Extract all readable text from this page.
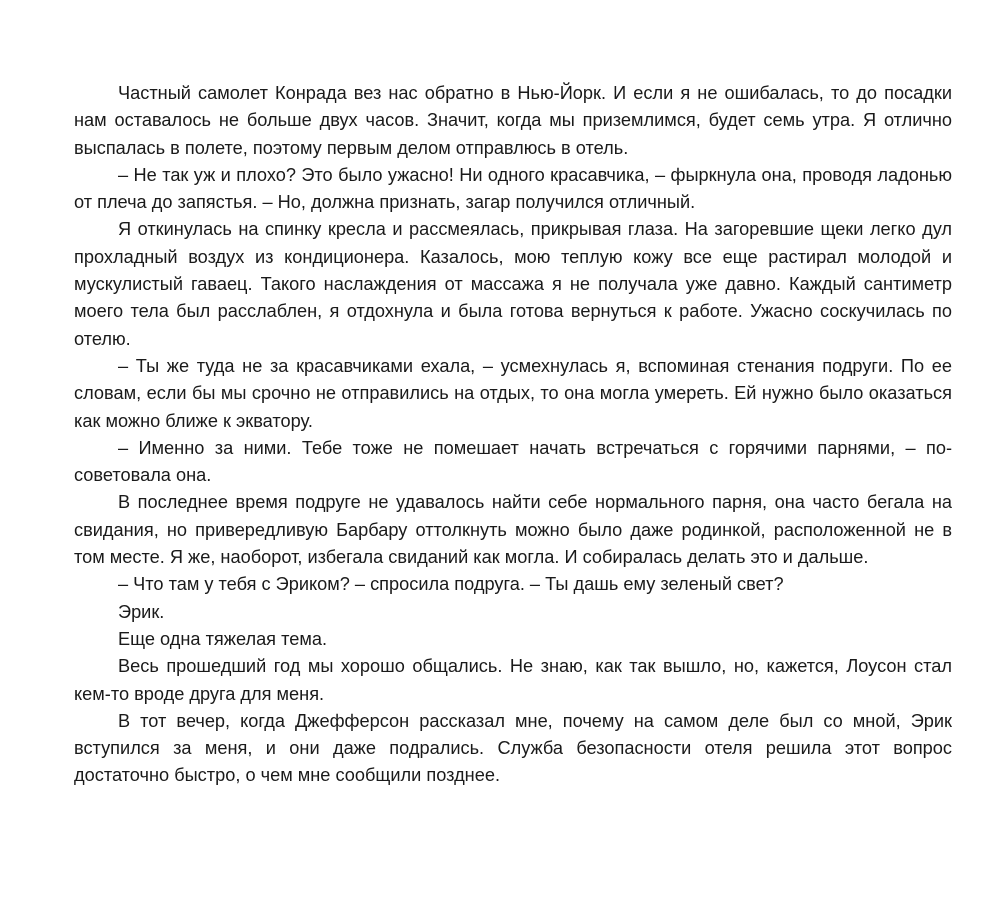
Частный самолет Конрада вез нас обратно в Нью-Йорк. И если я не ошибалась, то до посадки нам оставалось не больше двух часов. Значит, когда мы приземлимся, будет семь утра. Я отлично выспалась в полете, поэтому первым делом отправлюсь в отель.

– Не так уж и плохо? Это было ужасно! Ни одного красавчика, – фыркнула она, проводя ладонью от плеча до запястья. – Но, должна признать, загар получился отличный.

Я откинулась на спинку кресла и рассмеялась, прикрывая глаза. На загоревшие щеки легко дул прохладный воздух из кондиционера. Казалось, мою теплую кожу все еще растирал молодой и мускулистый гаваец. Такого наслаждения от массажа я не получала уже давно. Каждый сантиметр моего тела был расслаблен, я отдохнула и была готова вернуться к работе. Ужасно соскучилась по отелю.

– Ты же туда не за красавчиками ехала, – усмехнулась я, вспоминая стенания подруги. По ее словам, если бы мы срочно не отправились на отдых, то она могла умереть. Ей нужно было оказаться как можно ближе к экватору.

– Именно за ними. Тебе тоже не помешает начать встречаться с горячими парнями, – посоветовала она.

В последнее время подруге не удавалось найти себе нормального парня, она часто бегала на свидания, но привередливую Барбару оттолкнуть можно было даже родинкой, расположенной не в том месте. Я же, наоборот, избегала свиданий как могла. И собиралась делать это и дальше.

– Что там у тебя с Эриком? – спросила подруга. – Ты дашь ему зеленый свет?

Эрик.

Еще одна тяжелая тема.

Весь прошедший год мы хорошо общались. Не знаю, как так вышло, но, кажется, Лоусон стал кем-то вроде друга для меня.

В тот вечер, когда Джефферсон рассказал мне, почему на самом деле был со мной, Эрик вступился за меня, и они даже подрались. Служба безопасности отеля решила этот вопрос достаточно быстро, о чем мне сообщили позднее.
